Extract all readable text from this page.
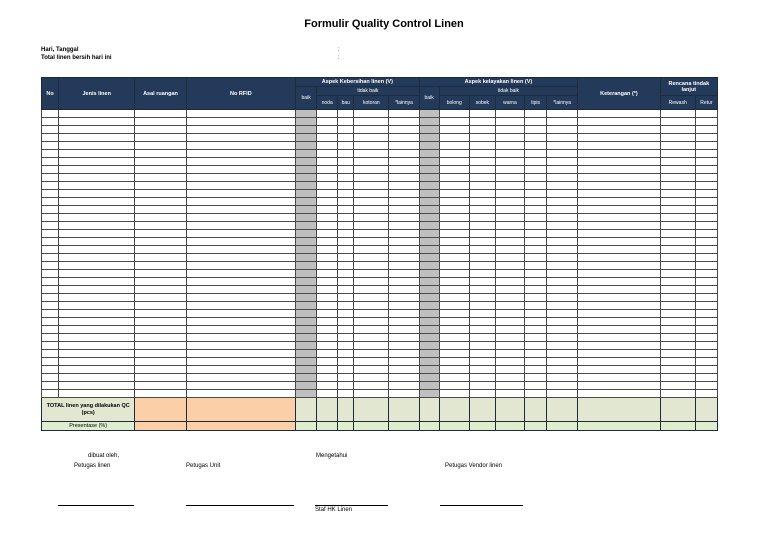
Formulir Quality Control Linen
Hari, Tanggal
Total linen bersih hari ini
:
:
No	Jenis linen	Asal ruangan	No RFID	Aspek Kebersihan linen (V)					Aspek kelayakan linen (V)						Keterangan (*)	Rencana tindak lanjut	
				baik	tidak baik				baik	tidak baik							
					noda	bau	kotoran	*lainnya		bolong	sobek	warna	tipis	*lainnya		Rewash	Retur

TOTAL linen yang dilakukan QC (pcs)																	
Presentase (%)																	
dibuat oleh,
Petugas linen	Petugas Unit
Mengetahui
Petugas Vendor linen
Staf HK Linen
